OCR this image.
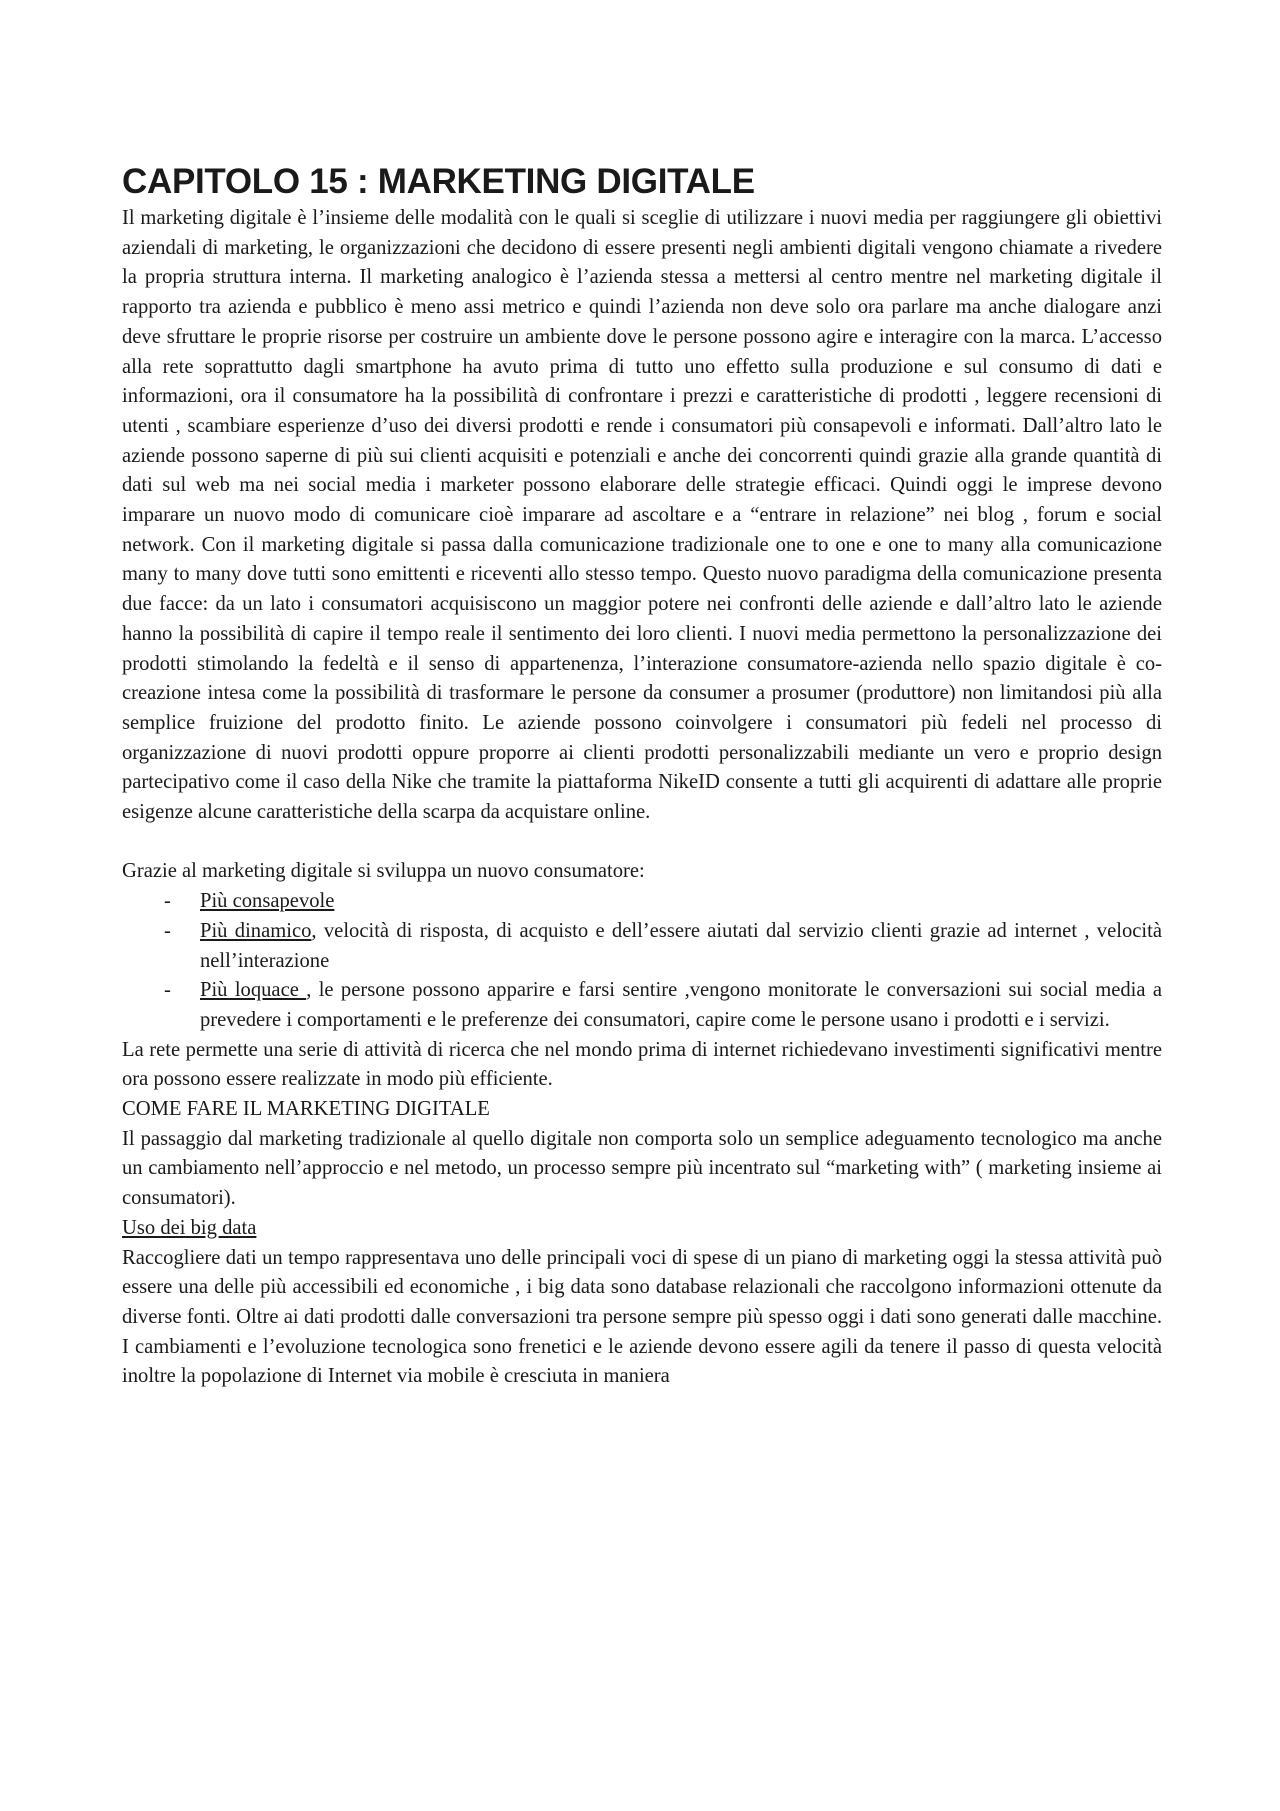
CAPITOLO 15 : MARKETING DIGITALE

Il marketing digitale è l’insieme delle modalità con le quali si sceglie di utilizzare i nuovi media per raggiungere gli obiettivi aziendali di marketing, le organizzazioni che decidono di essere presenti negli ambienti digitali vengono chiamate a rivedere la propria struttura interna. Il marketing analogico è l’azienda stessa a mettersi al centro mentre nel marketing digitale il rapporto tra azienda e pubblico è meno assi metrico e quindi l’azienda non deve solo ora parlare ma anche dialogare anzi deve sfruttare le proprie risorse per costruire un ambiente dove le persone possono agire e interagire con la marca. L’accesso alla rete soprattutto dagli smartphone ha avuto prima di tutto uno effetto sulla produzione e sul consumo di dati e informazioni, ora il consumatore ha la possibilità di confrontare i prezzi e caratteristiche di prodotti , leggere recensioni di utenti , scambiare esperienze d’uso dei diversi prodotti e rende i consumatori più consapevoli e informati. Dall’altro lato le aziende possono saperne di più sui clienti acquisiti e potenziali e anche dei concorrenti quindi grazie alla grande quantità di dati sul web ma nei social media i marketer possono elaborare delle strategie efficaci. Quindi oggi le imprese devono imparare un nuovo modo di comunicare cioè imparare ad ascoltare e a “entrare in relazione” nei blog , forum e social network. Con il marketing digitale si passa dalla comunicazione tradizionale one to one e one to many alla comunicazione many to many dove tutti sono emittenti e riceventi allo stesso tempo. Questo nuovo paradigma della comunicazione presenta due facce: da un lato i consumatori acquisiscono un maggior potere nei confronti delle aziende e dall’altro lato le aziende hanno la possibilità di capire il tempo reale il sentimento dei loro clienti. I nuovi media permettono la personalizzazione dei prodotti stimolando la fedeltà e il senso di appartenenza, l’interazione consumatore-azienda nello spazio digitale è co-creazione intesa come la possibilità di trasformare le persone da consumer a prosumer (produttore) non limitandosi più alla semplice fruizione del prodotto finito. Le aziende possono coinvolgere i consumatori più fedeli nel processo di organizzazione di nuovi prodotti oppure proporre ai clienti prodotti personalizzabili mediante un vero e proprio design partecipativo come il caso della Nike che tramite la piattaforma NikeID consente a tutti gli acquirenti di adattare alle proprie esigenze alcune caratteristiche della scarpa da acquistare online.

Grazie al marketing digitale si sviluppa un nuovo consumatore:

- Più consapevole
- Più dinamico, velocità di risposta, di acquisto e dell’essere aiutati dal servizio clienti grazie ad internet , velocità nell’interazione
- Più loquace , le persone possono apparire e farsi sentire ,vengono monitorate le conversazioni sui social media a prevedere i comportamenti e le preferenze dei consumatori, capire come le persone usano i prodotti e i servizi.

La rete permette una serie di attività di ricerca che nel mondo prima di internet richiedevano investimenti significativi mentre ora possono essere realizzate in modo più efficiente.

COME FARE IL MARKETING DIGITALE

Il passaggio dal marketing tradizionale al quello digitale non comporta solo un semplice adeguamento tecnologico ma anche un cambiamento nell’approccio e nel metodo, un processo sempre più incentrato sul “marketing with” ( marketing insieme ai consumatori).

Uso dei big data

Raccogliere dati un tempo rappresentava uno delle principali voci di spese di un piano di marketing oggi la stessa attività può essere una delle più accessibili ed economiche , i big data sono database relazionali che raccolgono informazioni ottenute da diverse fonti. Oltre ai dati prodotti dalle conversazioni tra persone sempre più spesso oggi i dati sono generati dalle macchine. I cambiamenti e l’evoluzione tecnologica sono frenetici e le aziende devono essere agili da tenere il passo di questa velocità inoltre la popolazione di Internet via mobile è cresciuta in maniera
